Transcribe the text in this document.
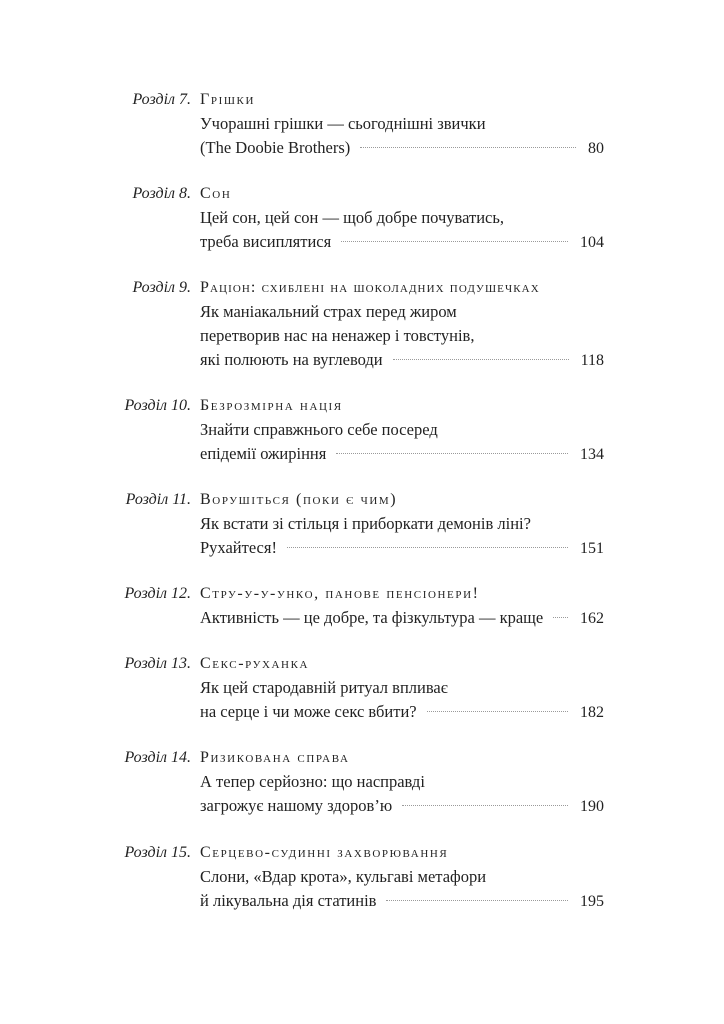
Розділ 7. Грішки
Учорашні грішки — сьогоднішні звички
(The Doobie Brothers)	80
Розділ 8. Сон
Цей сон, цей сон — щоб добре почуватись,
треба висиплятися	104
Розділ 9. Раціон: схиблені на шоколадних подушечках
Як маніакальний страх перед жиром
перетворив нас на ненажер і товстунів,
які полюють на вуглеводи	118
Розділ 10. Безрозмірна нація
Знайти справжнього себе посеред
епідемії ожиріння	134
Розділ 11. Ворушіться (поки є чим)
Як встати зі стільця і приборкати демонів ліні?
Рухайтеся!	151
Розділ 12. Стру-у-у-унко, панове пенсіонери!
Активність — це добре, та фізкультура — краще 162
Розділ 13. Секс-руханка
Як цей стародавній ритуал впливає
на серце і чи може секс вбити?	182
Розділ 14. Ризикована справа
А тепер серйозно: що насправді
загрожує нашому здоров’ю	190
Розділ 15. Серцево-судинні захворювання
Слони, «Вдар крота», кульгаві метафори
й лікувальна дія статинів	195
